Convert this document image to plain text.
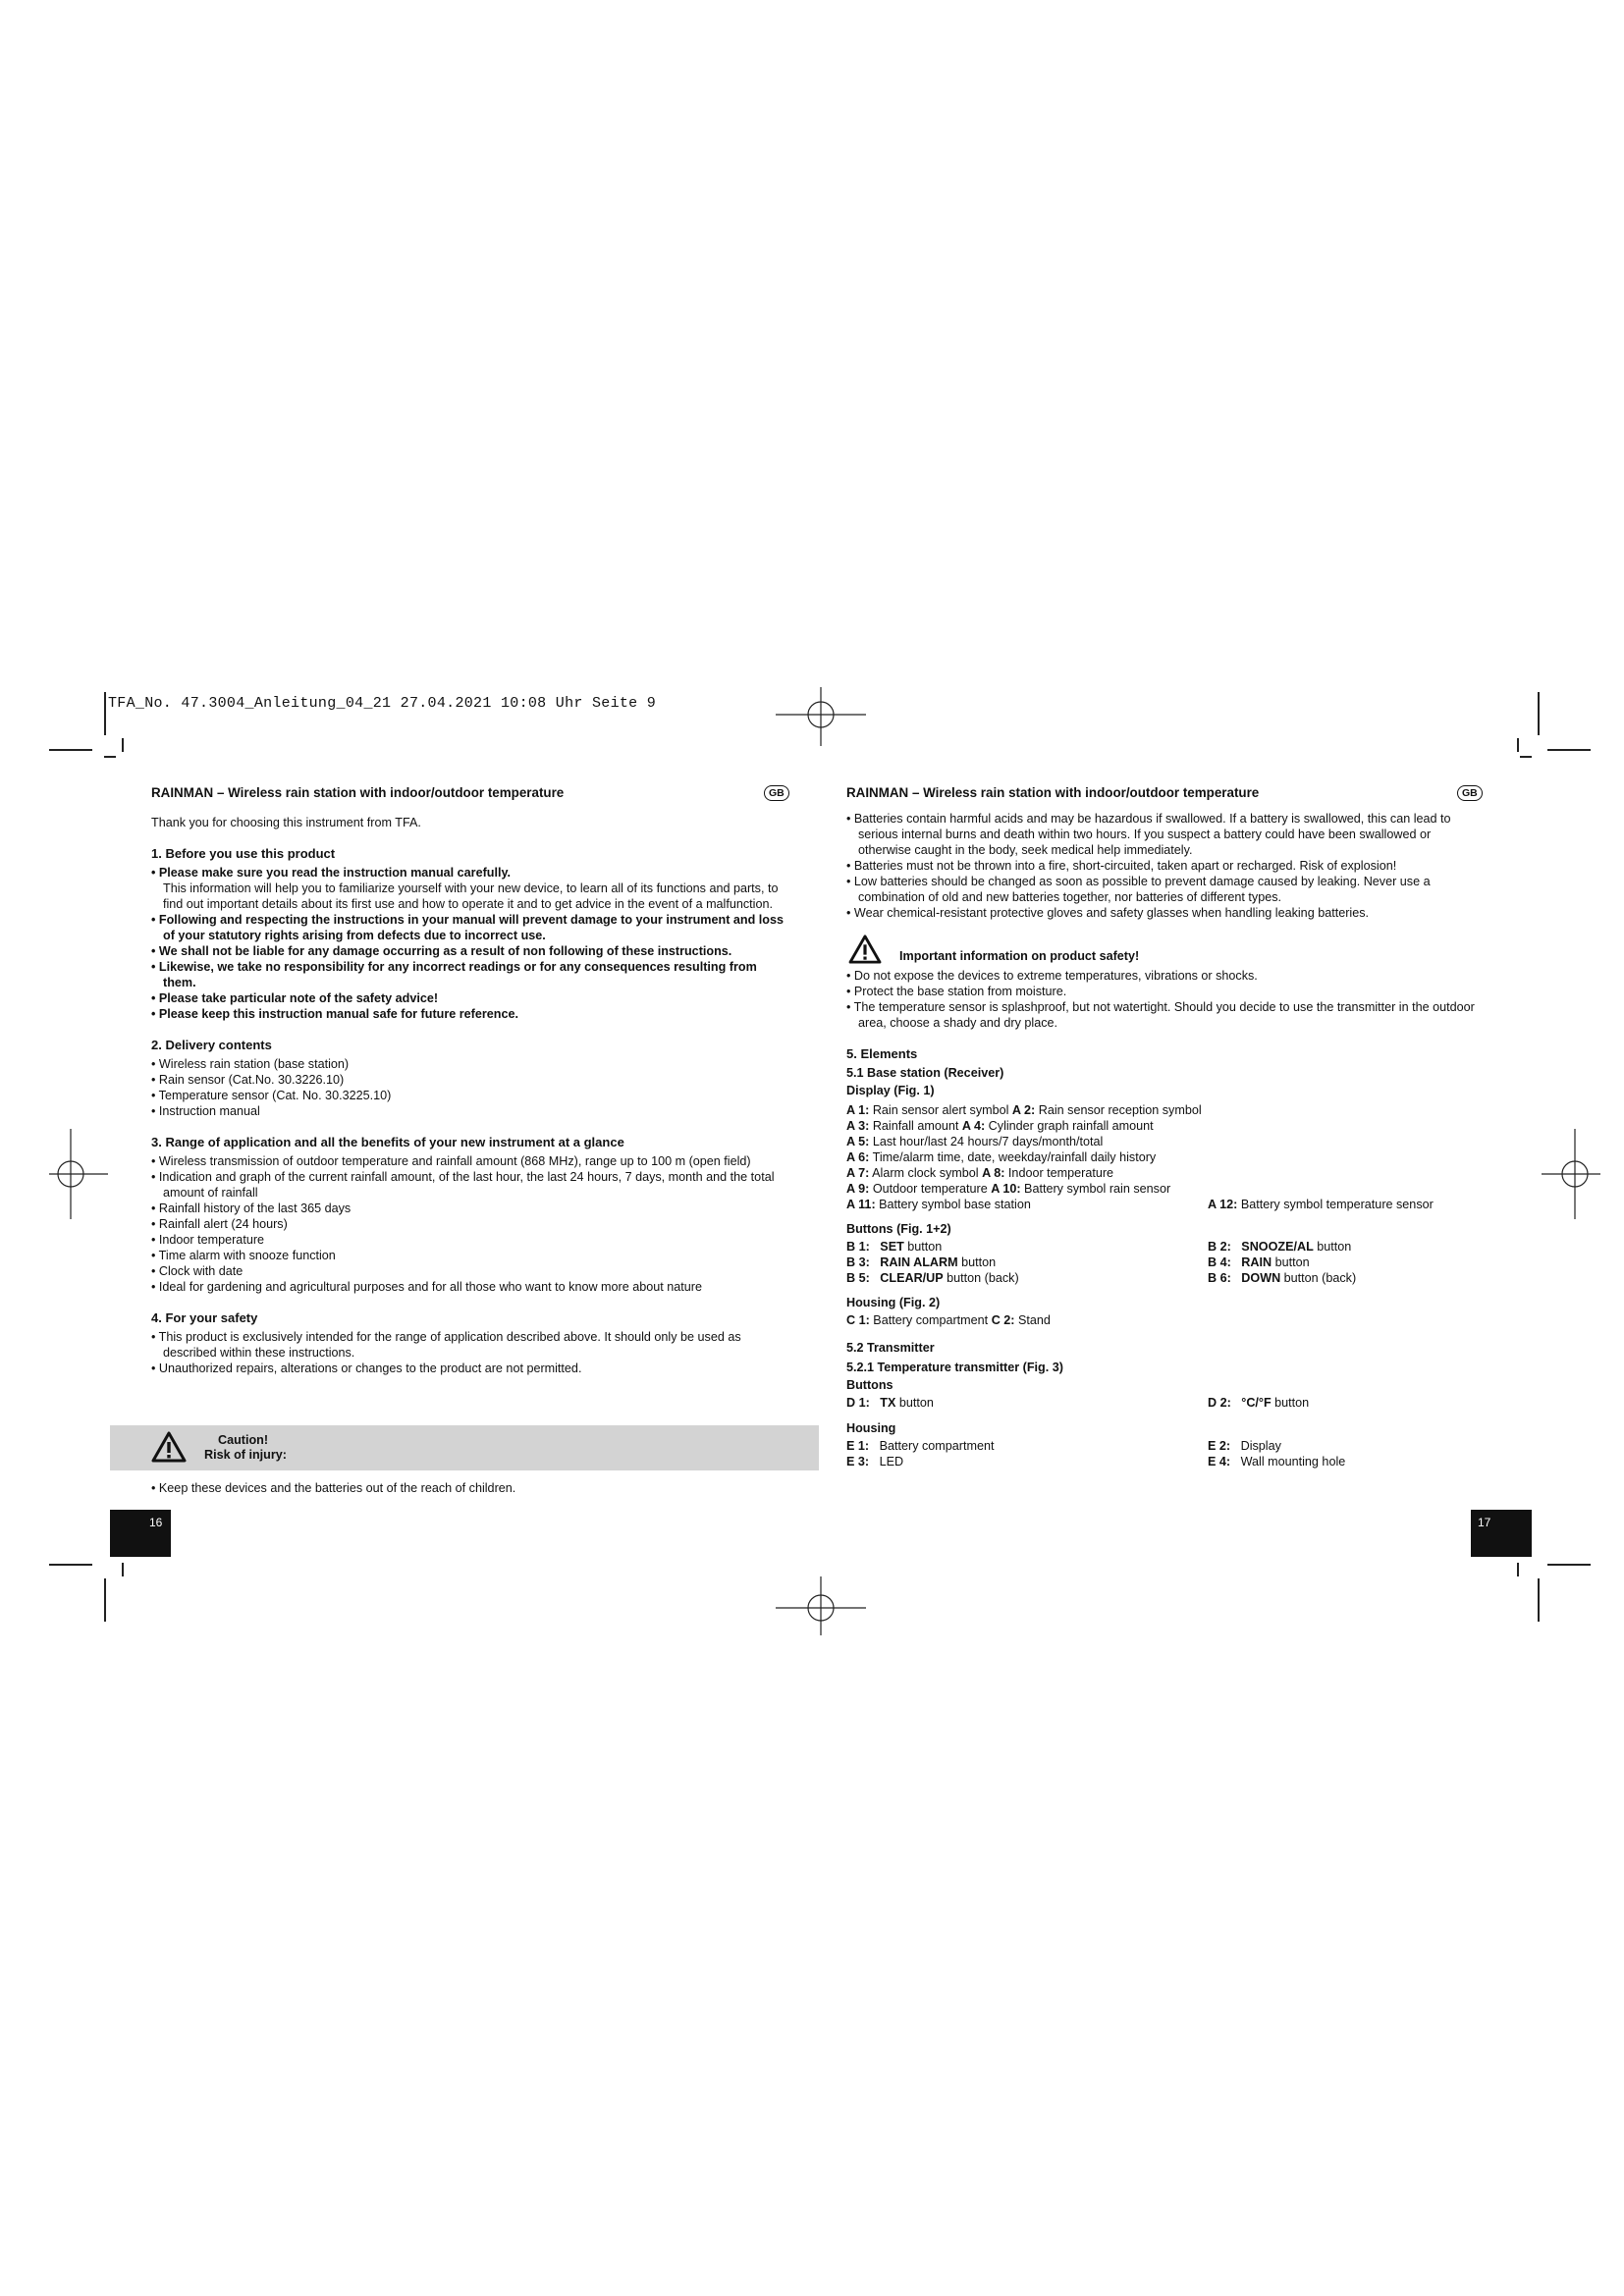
TFA_No. 47.3004_Anleitung_04_21 27.04.2021 10:08 Uhr Seite 9
RAINMAN – Wireless rain station with indoor/outdoor temperature	GB

Thank you for choosing this instrument from TFA.

1. Before you use this product

• Please make sure you read the instruction manual carefully.

This information will help you to familiarize yourself with your new device, to learn all of its functions and parts, to find out important details about its first use and how to operate it and to get advice in the event of a malfunction.

• Following and respecting the instructions in your manual will prevent damage to your instrument and loss of your statutory rights arising from defects due to incorrect use.

• We shall not be liable for any damage occurring as a result of non following of these instructions.

• Likewise, we take no responsibility for any incorrect readings or for any consequences resulting from them.

• Please take particular note of the safety advice!

• Please keep this instruction manual safe for future reference.

2. Delivery contents

• Wireless rain station (base station)

• Rain sensor (Cat.No. 30.3226.10)

• Temperature sensor (Cat. No. 30.3225.10)

• Instruction manual

3. Range of application and all the benefits of your new instrument at a glance

• Wireless transmission of outdoor temperature and rainfall amount (868 MHz), range up to 100 m (open field)

• Indication and graph of the current rainfall amount, of the last hour, the last 24 hours, 7 days, month and the total amount of rainfall

• Rainfall history of the last 365 days

• Rainfall alert (24 hours)

• Indoor temperature

• Time alarm with snooze function

• Clock with date

• Ideal for gardening and agricultural purposes and for all those who want to know more about nature

4. For your safety

• This product is exclusively intended for the range of application described above. It should only be used as described within these instructions.

• Unauthorized repairs, alterations or changes to the product are not permitted.

Caution!
Risk of injury:

• Keep these devices and the batteries out of the reach of children.

16
RAINMAN – Wireless rain station with indoor/outdoor temperature	GB

• Batteries contain harmful acids and may be hazardous if swallowed. If a battery is swallowed, this can lead to serious internal burns and death within two hours. If you suspect a battery could have been swallowed or otherwise caught in the body, seek medical help immediately.

• Batteries must not be thrown into a fire, short-circuited, taken apart or recharged. Risk of explosion!

• Low batteries should be changed as soon as possible to prevent damage caused by leaking. Never use a combination of old and new batteries together, nor batteries of different types.

• Wear chemical-resistant protective gloves and safety glasses when handling leaking batteries.

Important information on product safety!

• Do not expose the devices to extreme temperatures, vibrations or shocks.

• Protect the base station from moisture.

• The temperature sensor is splashproof, but not watertight. Should you decide to use the transmitter in the outdoor area, choose a shady and dry place.

5. Elements

5.1 Base station (Receiver)

Display (Fig. 1)

A 1: Rain sensor alert symbol A 2: Rain sensor reception symbol

A 3: Rainfall amount A 4: Cylinder graph rainfall amount

A 5: Last hour/last 24 hours/7 days/month/total

A 6: Time/alarm time, date, weekday/rainfall daily history

A 7: Alarm clock symbol A 8: Indoor temperature

A 9: Outdoor temperature A 10: Battery symbol rain sensor

A 11: Battery symbol base station	A 12: Battery symbol temperature sensor
Buttons (Fig. 1+2)
B 1: SET button	B 2: SNOOZE/AL button
B 3: RAIN ALARM button	B 4: RAIN button
B 5: CLEAR/UP button (back)	B 6: DOWN button (back)
Housing (Fig. 2)

C 1: Battery compartment C 2: Stand

5.2 Transmitter

5.2.1 Temperature transmitter (Fig. 3)

Buttons

D 1: TX button	D 2: °C/°F button
Housing
E 1: Battery compartment	E 2: Display
E 3: LED	E 4: Wall mounting hole
17
